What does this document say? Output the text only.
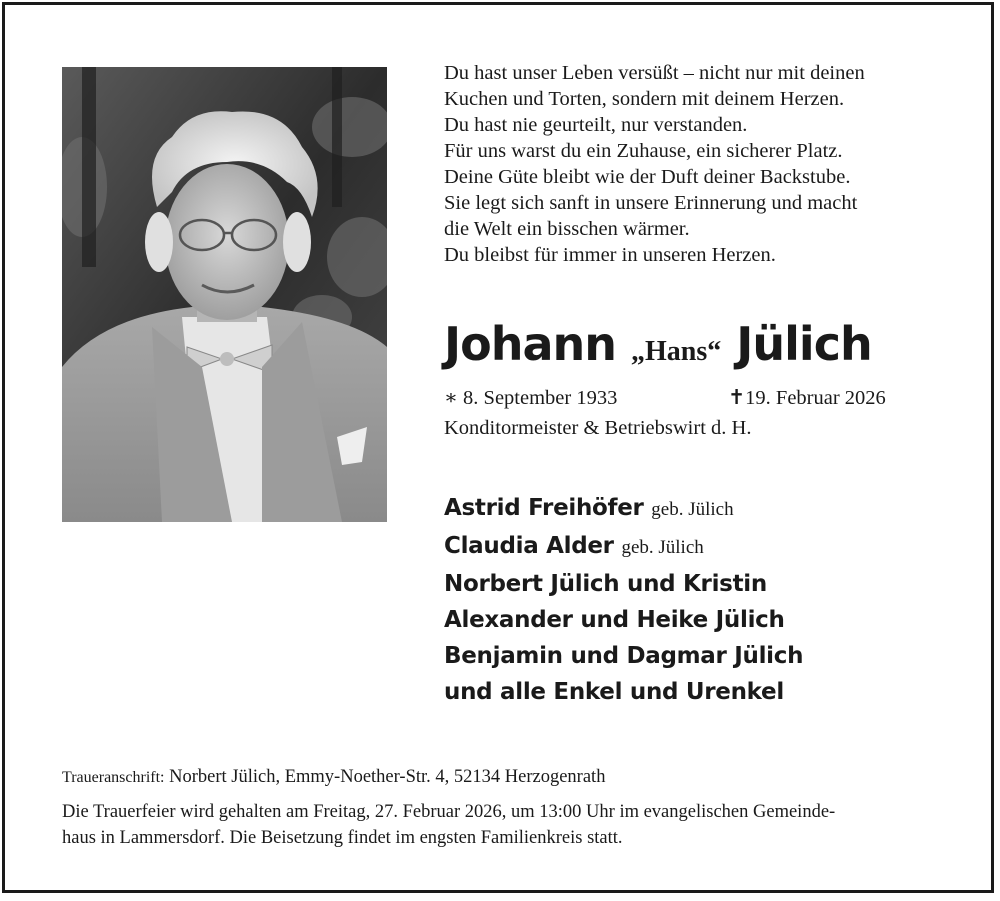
Du hast unser Leben versüßt – nicht nur mit deinen
Kuchen und Torten, sondern mit deinem Herzen.
Du hast nie geurteilt, nur verstanden.
Für uns warst du ein Zuhause, ein sicherer Platz.
Deine Güte bleibt wie der Duft deiner Backstube.
Sie legt sich sanft in unsere Erinnerung und macht
die Welt ein bisschen wärmer.
Du bleibst für immer in unseren Herzen.
Johann „Hans“ Jülich
∗ 8. September 1933	✝19. Februar 2026
Konditormeister & Betriebswirt d. H.
Astrid Freihöfer geb. Jülich
Claudia Alder geb. Jülich
Norbert Jülich und Kristin
Alexander und Heike Jülich
Benjamin und Dagmar Jülich
und alle Enkel und Urenkel
Traueranschrift: Norbert Jülich, Emmy-Noether-Str. 4, 52134 Herzogenrath
Die Trauerfeier wird gehalten am Freitag, 27. Februar 2026, um 13:00 Uhr im evangelischen Gemeinde-
haus in Lammersdorf. Die Beisetzung findet im engsten Familienkreis statt.
